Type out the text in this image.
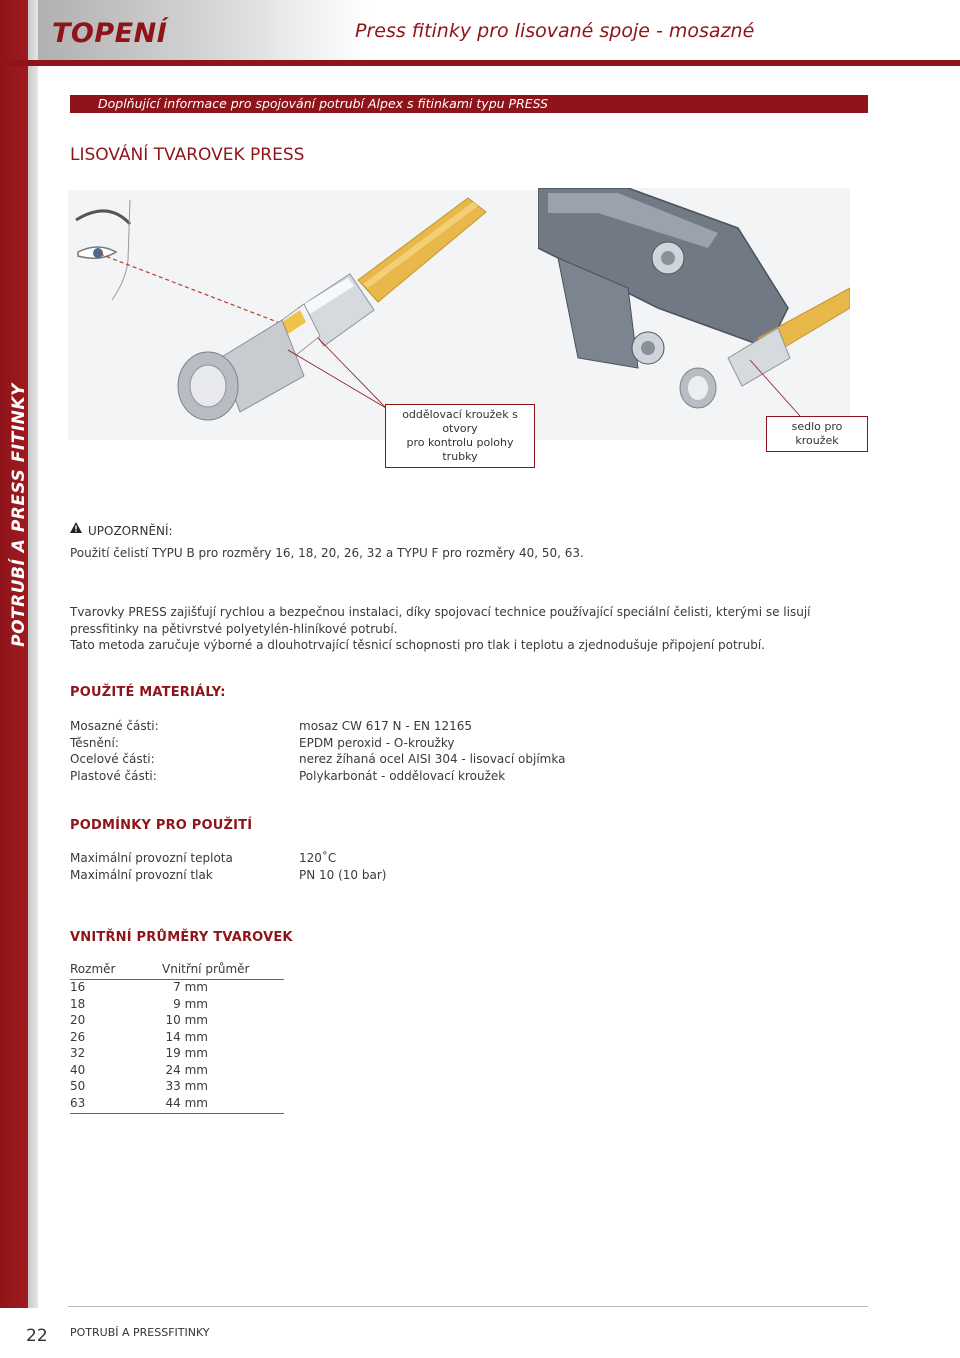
POTRUBÍ A PRESS FITINKY
TOPENÍ	Press fitinky pro lisované spoje - mosazné
Doplňující informace pro spojování potrubí Alpex s fitinkami typu PRESS
LISOVÁNÍ TVAROVEK PRESS
oddělovací kroužek s otvory
pro kontrolu polohy trubky
sedlo pro kroužek
UPOZORNĚNÍ:
Použití čelistí TYPU B pro rozměry 16, 18, 20, 26, 32 a TYPU F pro rozměry 40, 50, 63.
Tvarovky PRESS zajišťují rychlou a bezpečnou instalaci, díky spojovací technice používající speciální čelisti, kterými se lisují pressfitinky na pětivrstvé polyetylén-hliníkové potrubí.
Tato metoda zaručuje výborné a dlouhotrvající těsnicí schopnosti pro tlak i teplotu a zjednodušuje připojení potrubí.
POUŽITÉ MATERIÁLY:
Mosazné části:	mosaz CW 617 N - EN 12165
Těsnění:	EPDM peroxid - O-kroužky
Ocelové části:	nerez žíhaná ocel AISI 304 - lisovací objímka
Plastové části:	Polykarbonát - oddělovací kroužek
PODMÍNKY PRO POUŽITÍ
Maximální provozní teplota	120˚C
Maximální provozní tlak	PN 10 (10 bar)
VNITŘNÍ PRŮMĚRY TVAROVEK
Rozměr	Vnitřní průměr
16	7 mm
18	9 mm
20	10 mm
26	14 mm
32	19 mm
40	24 mm
50	33 mm
63	44 mm
22 POTRUBÍ A PRESSFITINKY
